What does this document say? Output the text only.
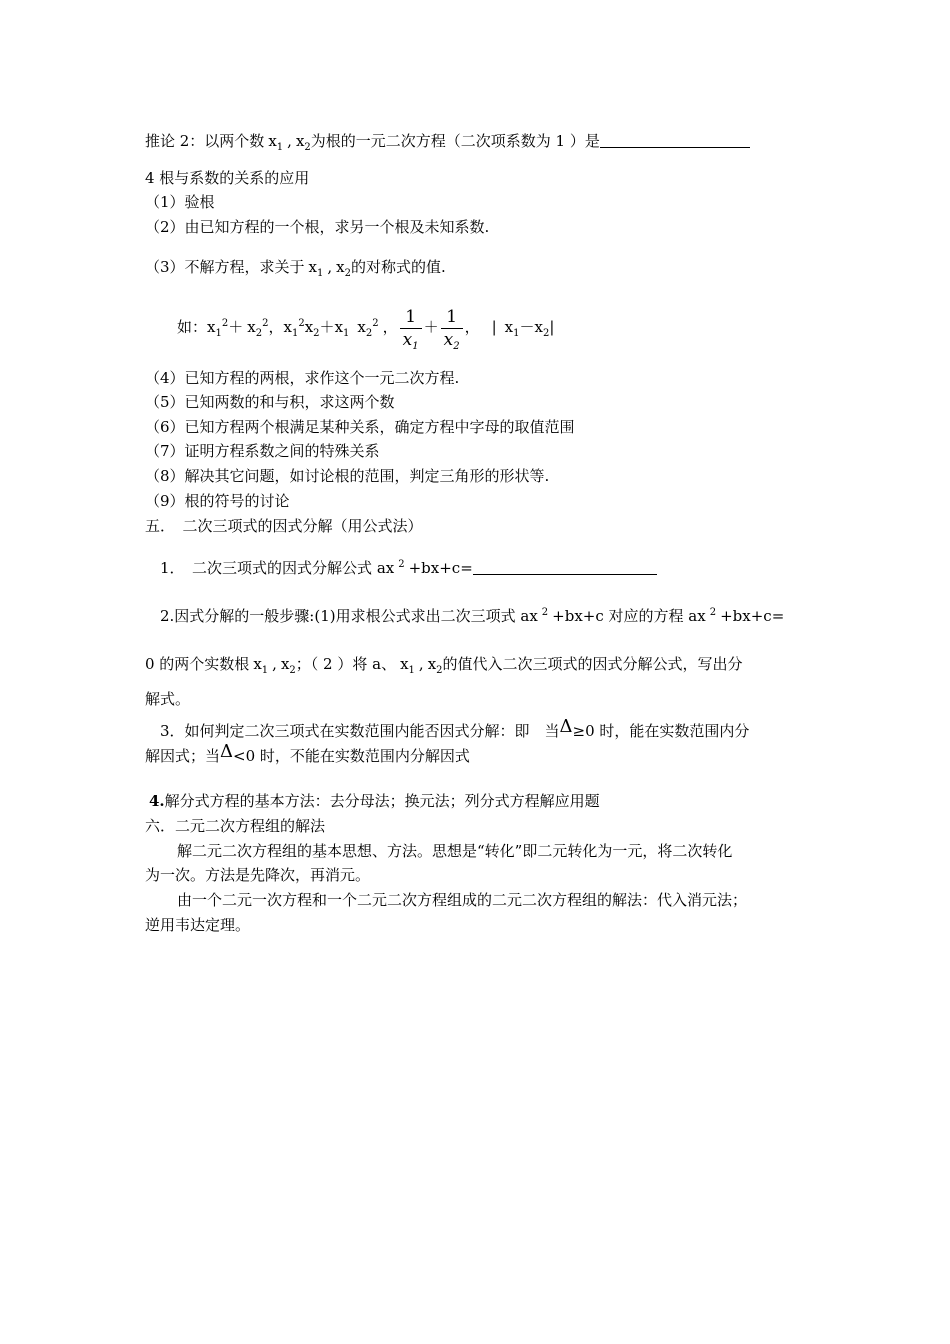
推论 2：以两个数 $x_1$ , $x_2$为根的一元二次方程（二次项系数为 1 ）是
4 根与系数的关系的应用
（1）验根
（2）由已知方程的一个根，求另一个根及未知系数.
（3）不解方程，求关于 $x_1$ , $x_2$的对称式的值.
如：$x_1^2+ x_2^2$，$x_1^2x_2+x_1$ $x_2^2$ ， $\frac{1}{x_1} + \frac{1}{x_2}$ ， | $x_1-x_2|$
（4）已知方程的两根，求作这个一元二次方程.
（5）已知两数的和与积，求这两个数
（6）已知方程两个根满足某种关系，确定方程中字母的取值范围
（7）证明方程系数之间的特殊关系
（8）解决其它问题，如讨论根的范围，判定三角形的形状等.
（9）根的符号的讨论
五．　二次三项式的因式分解（用公式法）
1．　二次三项式的因式分解公式 ax $^2$ +bx+c=
2.因式分解的一般步骤:(1)用求根公式求出二次三项式 ax $^2$ +bx+c 对应的方程 ax $^2$ +bx+c=
0 的两个实数根 $x_1$ , $x_2$；（ 2 ）将 a、 $x_1$ , $x_2$的值代入二次三项式的因式分解公式，写出分
解式。
3．如何判定二次三项式在实数范围内能否因式分解：即　当Δ≥0 时，能在实数范围内分
解因式；当Δ<0 时，不能在实数范围内分解因式
4.解分式方程的基本方法：去分母法；换元法；列分式方程解应用题
六．二元二次方程组的解法
解二元二次方程组的基本思想、方法。思想是“转化”即二元转化为一元，将二次转化
为一次。方法是先降次，再消元。
由一个二元一次方程和一个二元二次方程组成的二元二次方程组的解法：代入消元法；
逆用韦达定理。
